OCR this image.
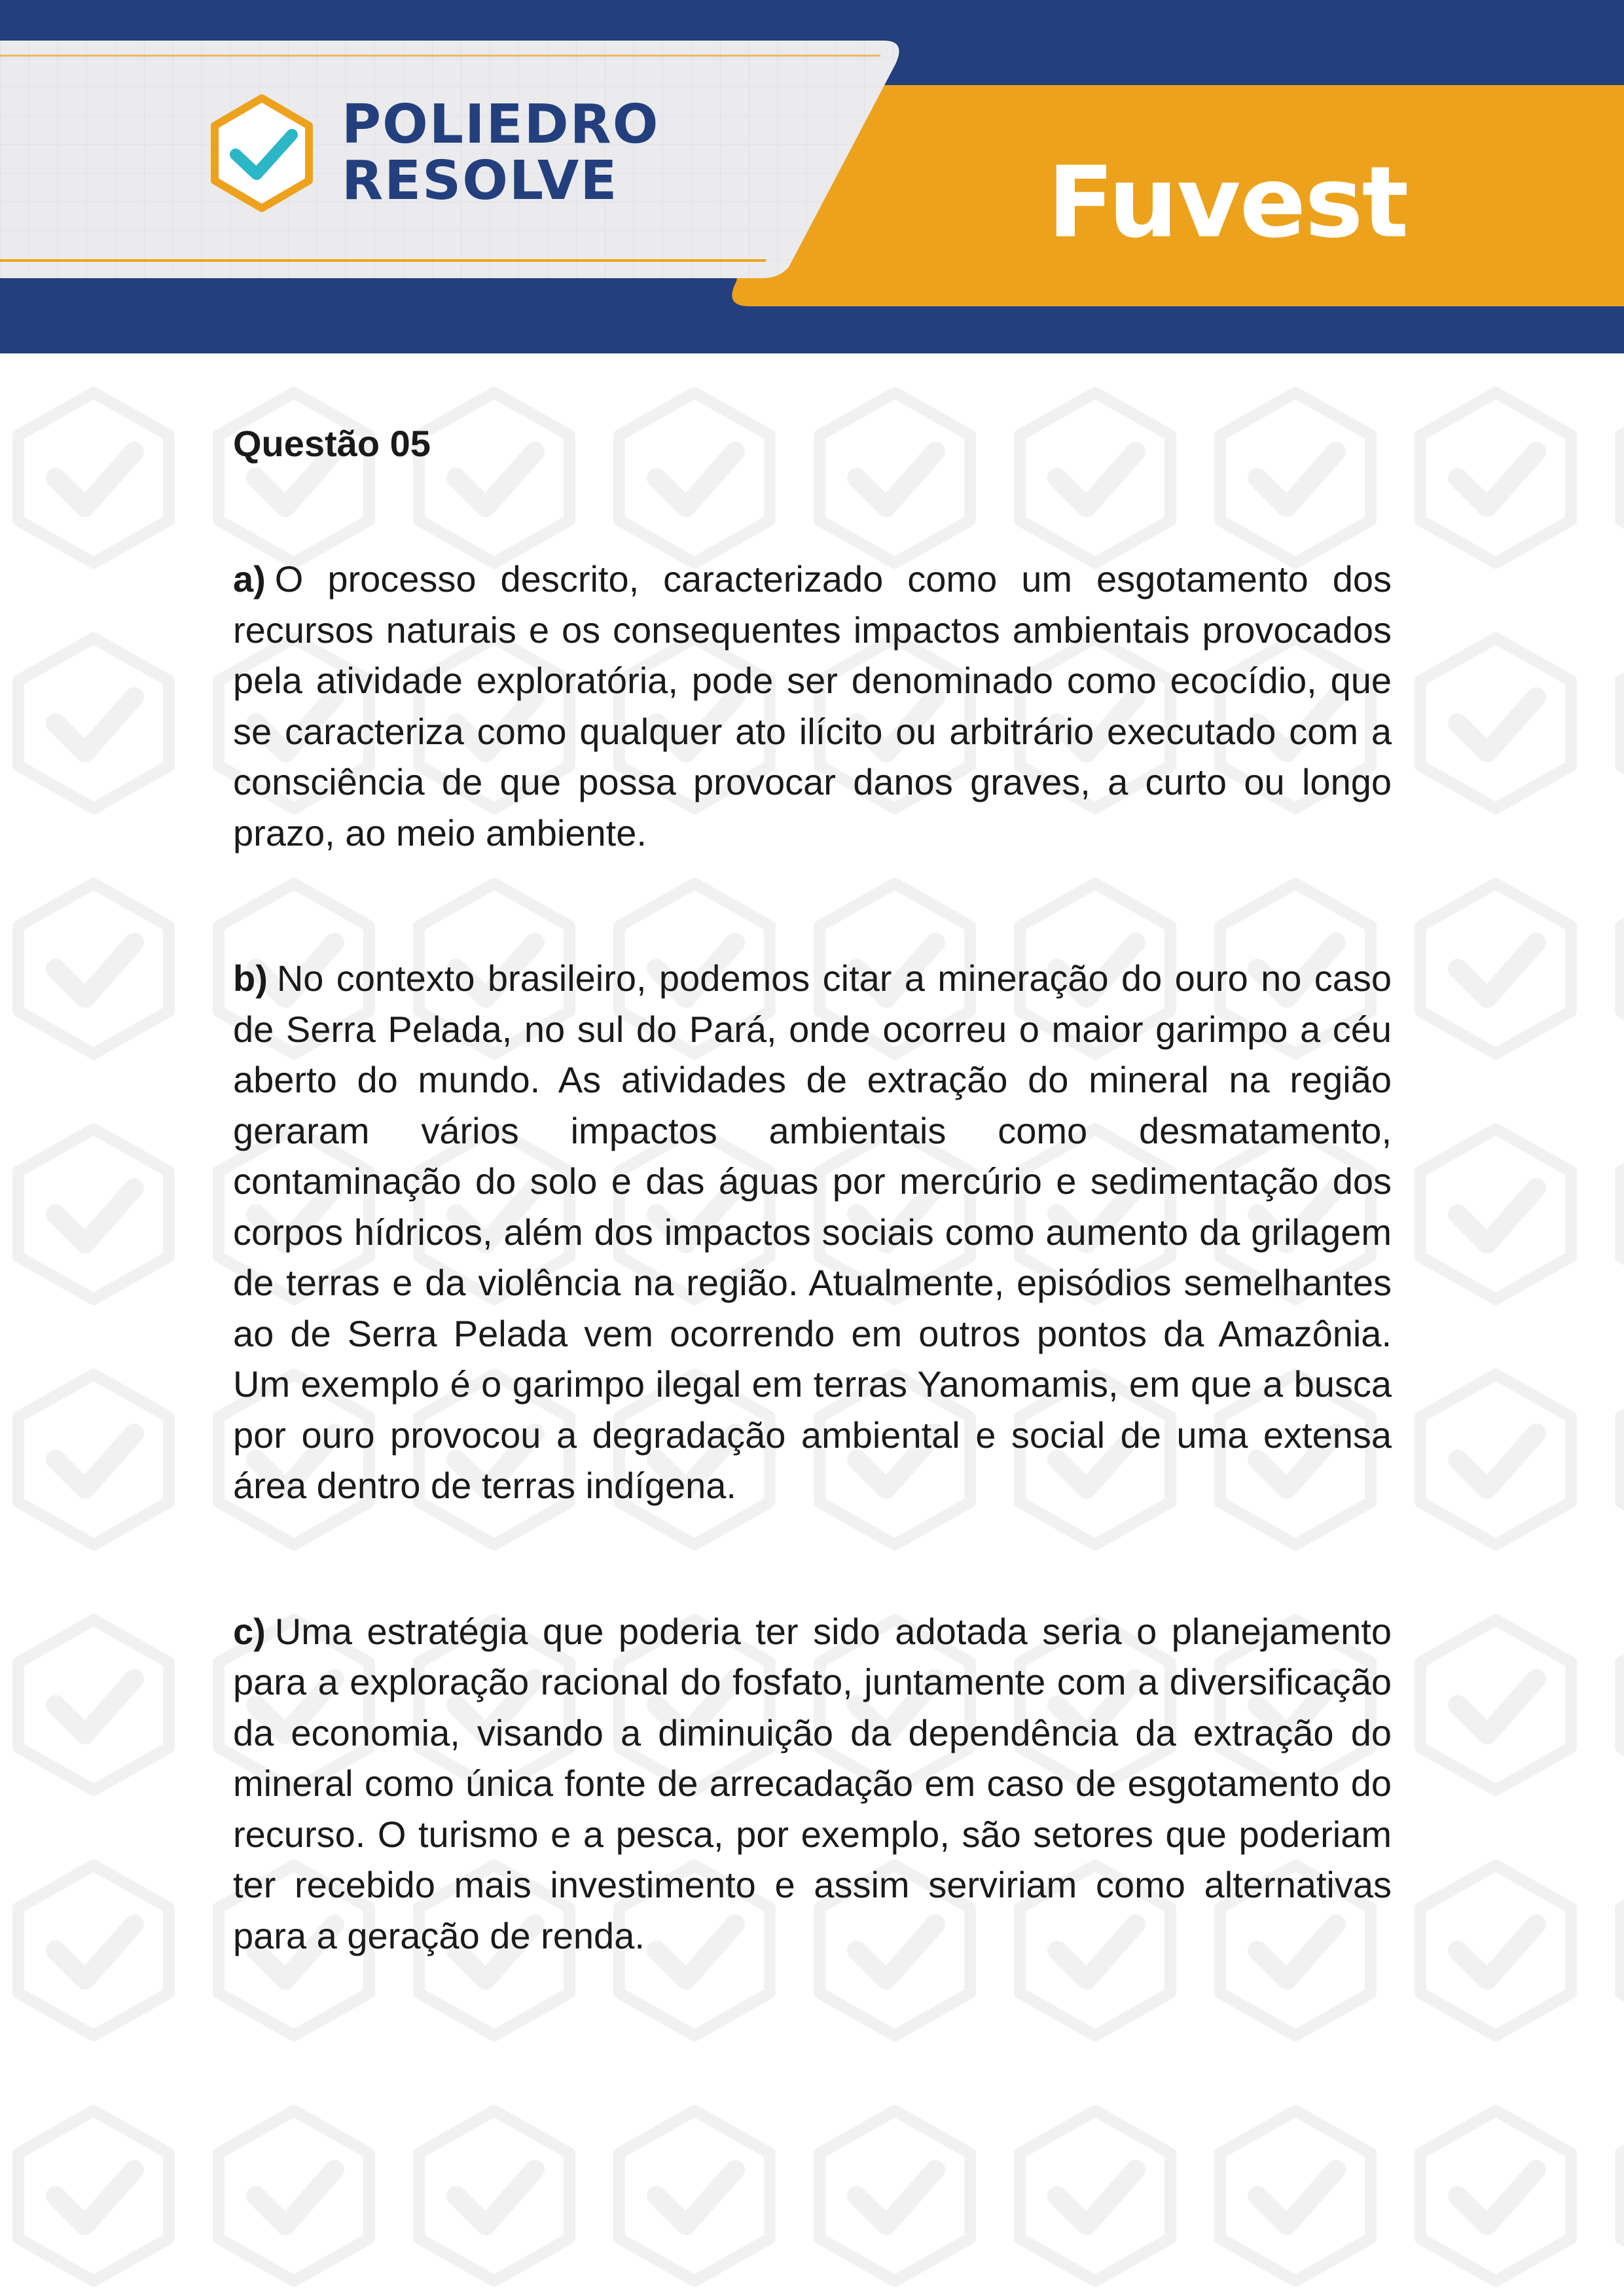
POLIEDRO
RESOLVE	Fuvest
Questão 05

a) O processo descrito, caracterizado como um esgotamento dos recursos naturais e os consequentes impactos ambientais provocados pela atividade exploratória, pode ser denominado como ecocídio, que se caracteriza como qualquer ato ilícito ou arbitrário executado com a consciência de que possa provocar danos graves, a curto ou longo prazo, ao meio ambiente.

b) No contexto brasileiro, podemos citar a mineração do ouro no caso de Serra Pelada, no sul do Pará, onde ocorreu o maior garimpo a céu aberto do mundo. As atividades de extração do mineral na região geraram vários impactos ambientais como desmatamento, contaminação do solo e das águas por mercúrio e sedimentação dos corpos hídricos, além dos impactos sociais como aumento da grilagem de terras e da violência na região. Atualmente, episódios semelhantes ao de Serra Pelada vem ocorrendo em outros pontos da Amazônia. Um exemplo é o garimpo ilegal em terras Yanomamis, em que a busca por ouro provocou a degradação ambiental e social de uma extensa área dentro de terras indígena.

c) Uma estratégia que poderia ter sido adotada seria o planejamento para a exploração racional do fosfato, juntamente com a diversificação da economia, visando a diminuição da dependência da extração do mineral como única fonte de arrecadação em caso de esgotamento do recurso. O turismo e a pesca, por exemplo, são setores que poderiam ter recebido mais investimento e assim serviriam como alternativas para a geração de renda.
